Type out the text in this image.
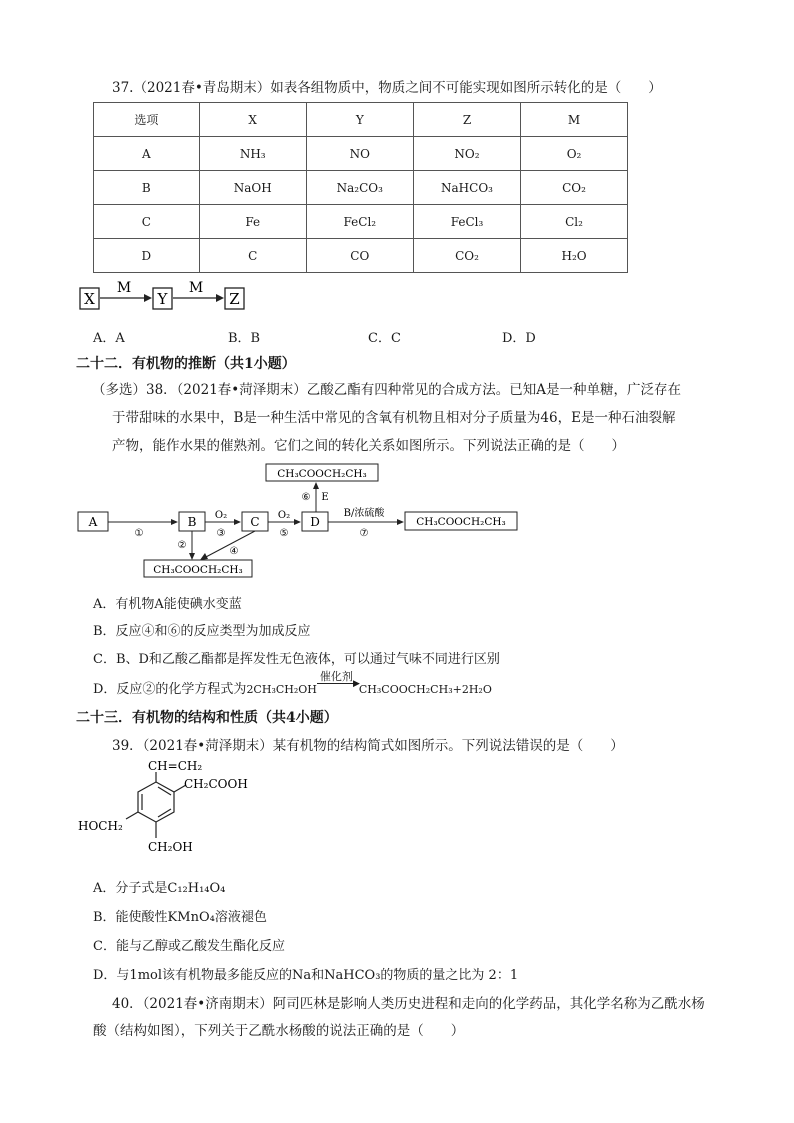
37.（2021春•青岛期末）如表各组物质中，物质之间不可能实现如图所示转化的是（　　）
选项	X	Y	Z	M
A	NH₃	NO	NO₂	O₂
B	NaOH	Na₂CO₃	NaHCO₃	CO₂
C	Fe	FeCl₂	FeCl₃	Cl₂
D	C	CO	CO₂	H₂O
X
M
Y
M
Z
A．A	B．B	C．C	D．D
二十二．有机物的推断（共1小题）
（多选）38．（2021春•菏泽期末）乙酸乙酯有四种常见的合成方法。已知A是一种单糖，广泛存在
于带甜味的水果中，B是一种生活中常见的含氧有机物且相对分子质量为46，E是一种石油裂解
产物，能作水果的催熟剂。它们之间的转化关系如图所示。下列说法正确的是（　　）
CH₃COOCH₂CH₃
⑥ E
A
①
B O₂
③
C O₂
⑤
D
B/浓硫酸
⑦
CH₃COOCH₂CH₃
②
④
CH₃COOCH₂CH₃
A．有机物A能使碘水变蓝
B．反应④和⑥的反应类型为加成反应
C．B、D和乙酸乙酯都是挥发性无色液体，可以通过气味不同进行区别
D．反应②的化学方程式为2CH₃CH₂OH
催化剂
▶ CH₃COOCH₂CH₃+2H₂O
二十三．有机物的结构和性质（共4小题）
39．（2021春•菏泽期末）某有机物的结构简式如图所示。下列说法错误的是（　　）
CH=CH₂
CH₂COOH
HOCH₂
CH₂OH
A．分子式是C₁₂H₁₄O₄
B．能使酸性KMnO₄溶液褪色
C．能与乙醇或乙酸发生酯化反应
D．与1mol该有机物最多能反应的Na和NaHCO₃的物质的量之比为 2：1
40．（2021春•济南期末）阿司匹林是影响人类历史进程和走向的化学药品，其化学名称为乙酰水杨
酸（结构如图），下列关于乙酰水杨酸的说法正确的是（　　）
